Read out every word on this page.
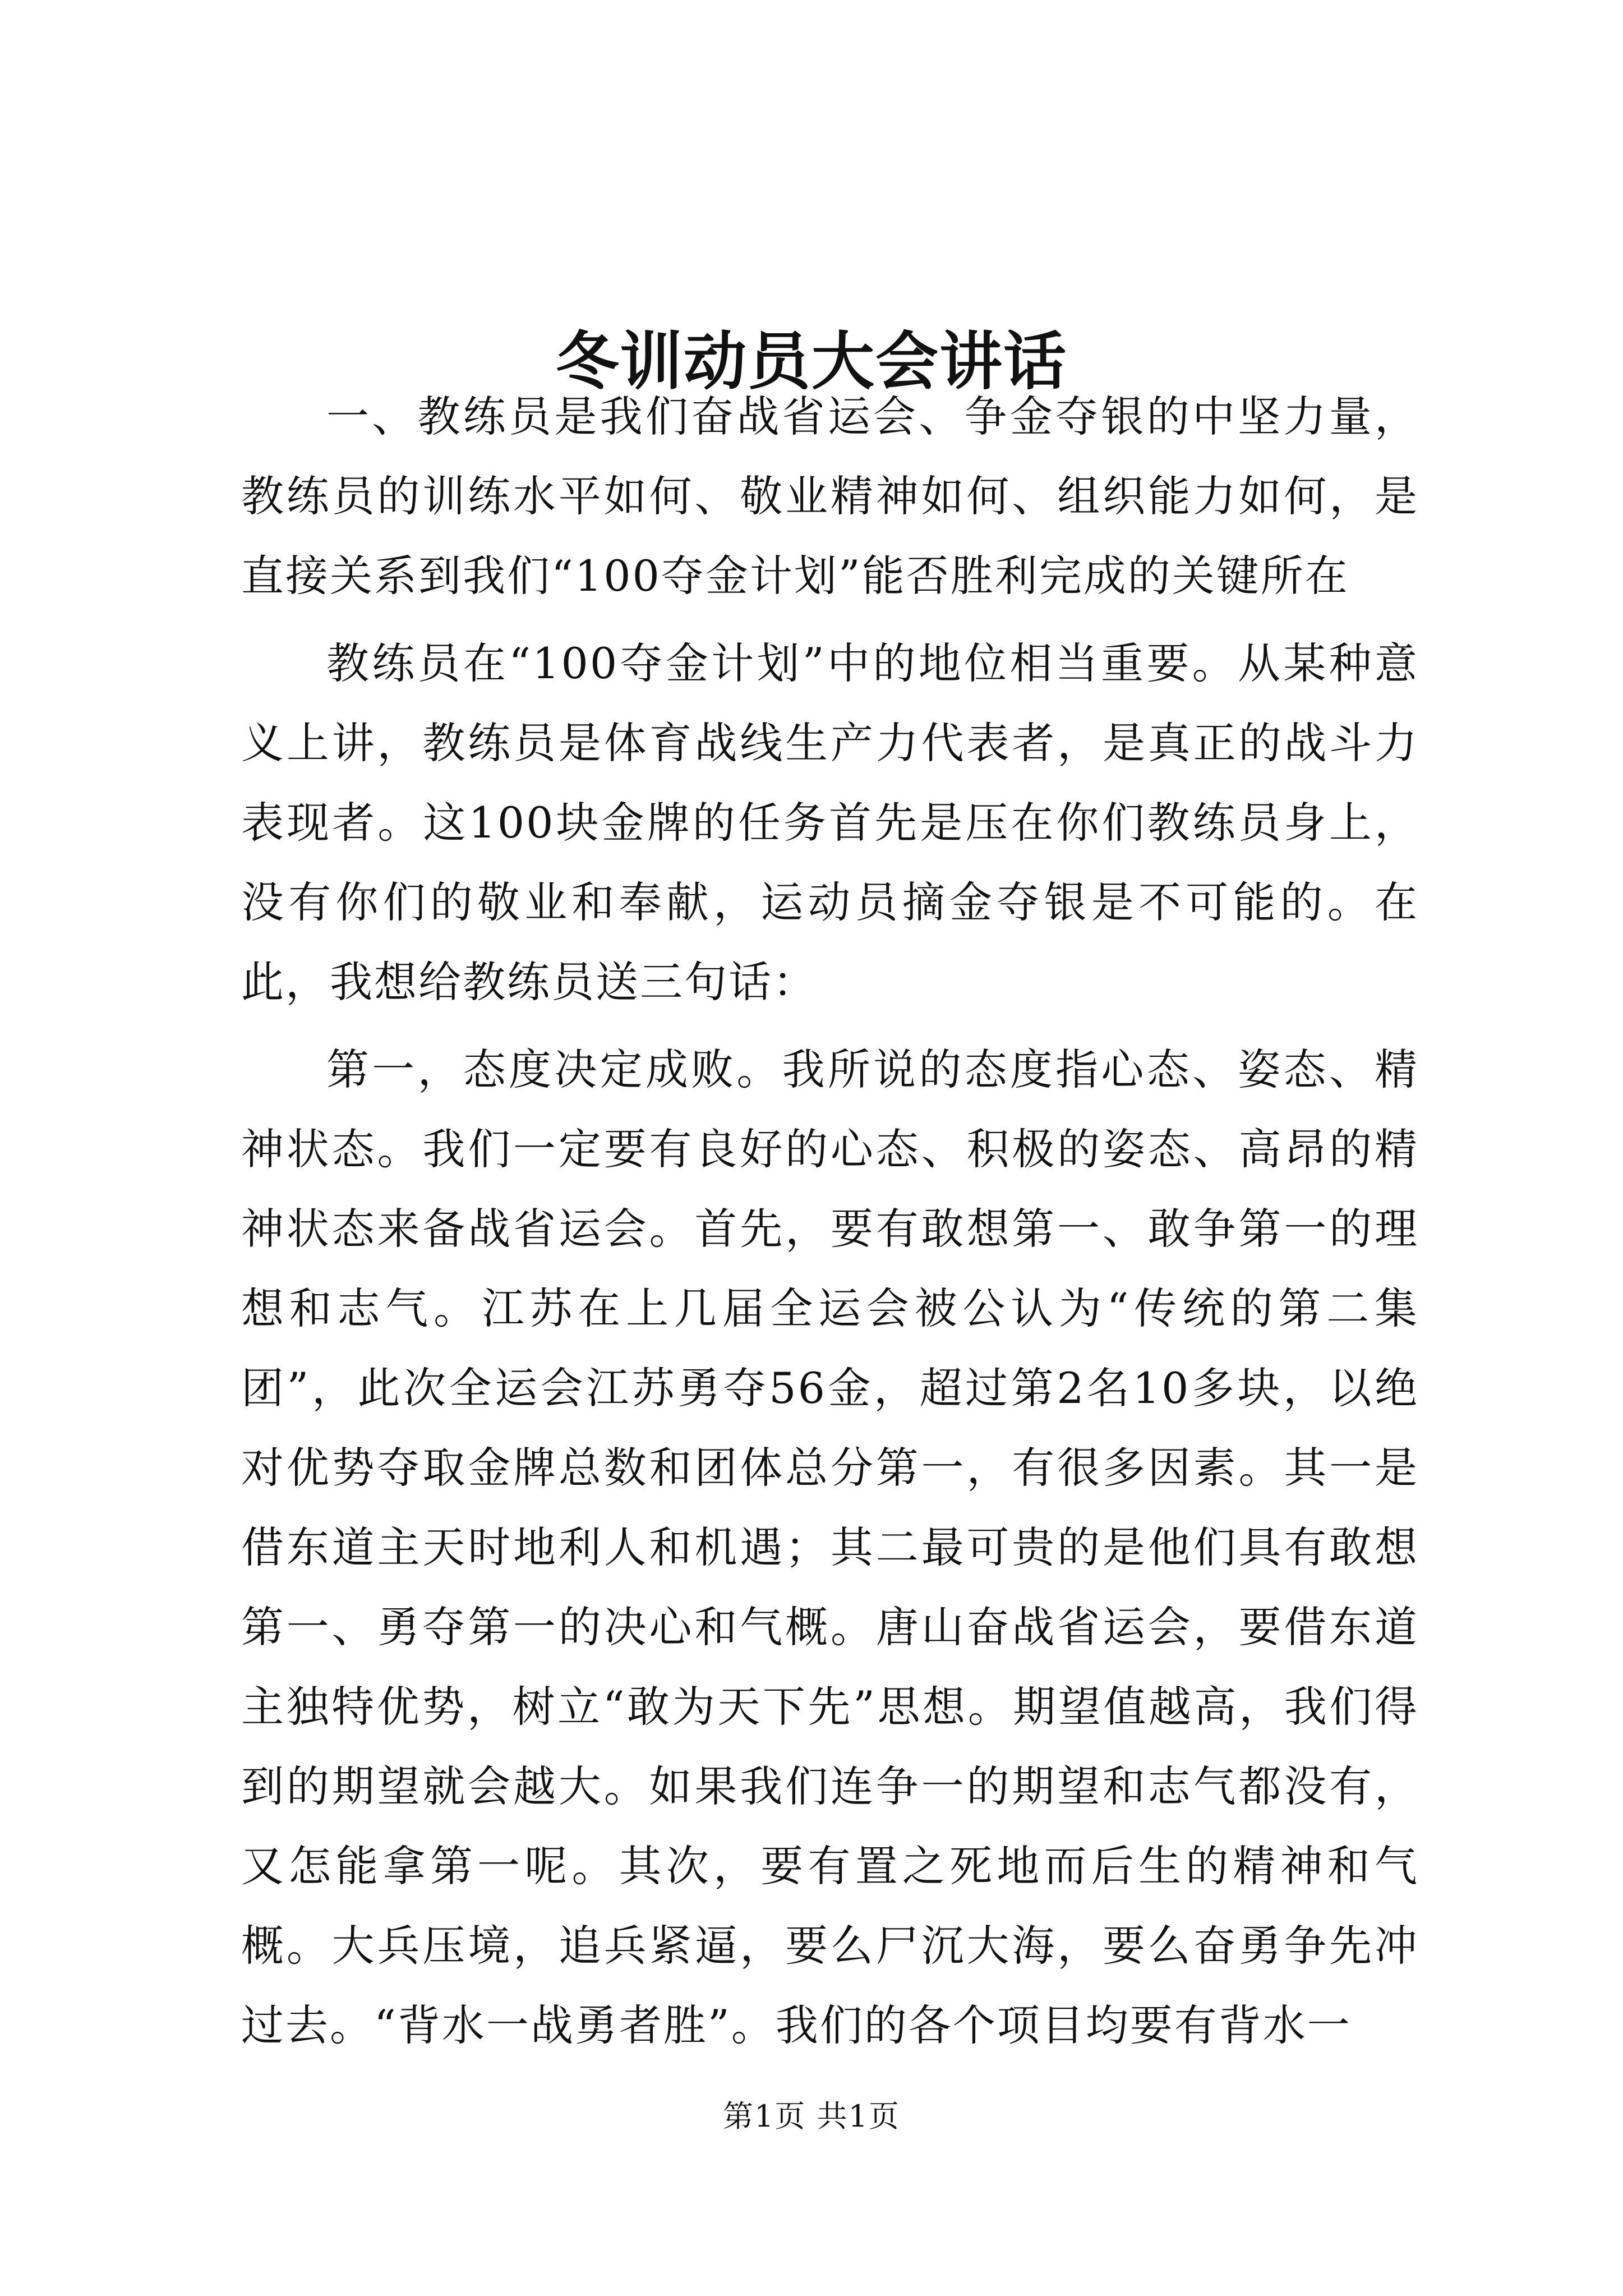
冬训动员大会讲话

一、教练员是我们奋战省运会、争金夺银的中坚力量，教练员的训练水平如何、敬业精神如何、组织能力如何，是直接关系到我们“100夺金计划”能否胜利完成的关键所在

教练员在“100夺金计划”中的地位相当重要。从某种意义上讲，教练员是体育战线生产力代表者，是真正的战斗力表现者。这100块金牌的任务首先是压在你们教练员身上，没有你们的敬业和奉献，运动员摘金夺银是不可能的。在此，我想给教练员送三句话：

第一，态度决定成败。我所说的态度指心态、姿态、精神状态。我们一定要有良好的心态、积极的姿态、高昂的精神状态来备战省运会。首先，要有敢想第一、敢争第一的理想和志气。江苏在上几届全运会被公认为“传统的第二集团”，此次全运会江苏勇夺56金，超过第2名10多块，以绝对优势夺取金牌总数和团体总分第一，有很多因素。其一是借东道主天时地利人和机遇；其二最可贵的是他们具有敢想第一、勇夺第一的决心和气概。唐山奋战省运会，要借东道主独特优势，树立“敢为天下先”思想。期望值越高，我们得到的期望就会越大。如果我们连争一的期望和志气都没有，又怎能拿第一呢。其次，要有置之死地而后生的精神和气概。大兵压境，追兵紧逼，要么尸沉大海，要么奋勇争先冲过去。“背水一战勇者胜”。我们的各个项目均要有背水一

第1页 共1页
